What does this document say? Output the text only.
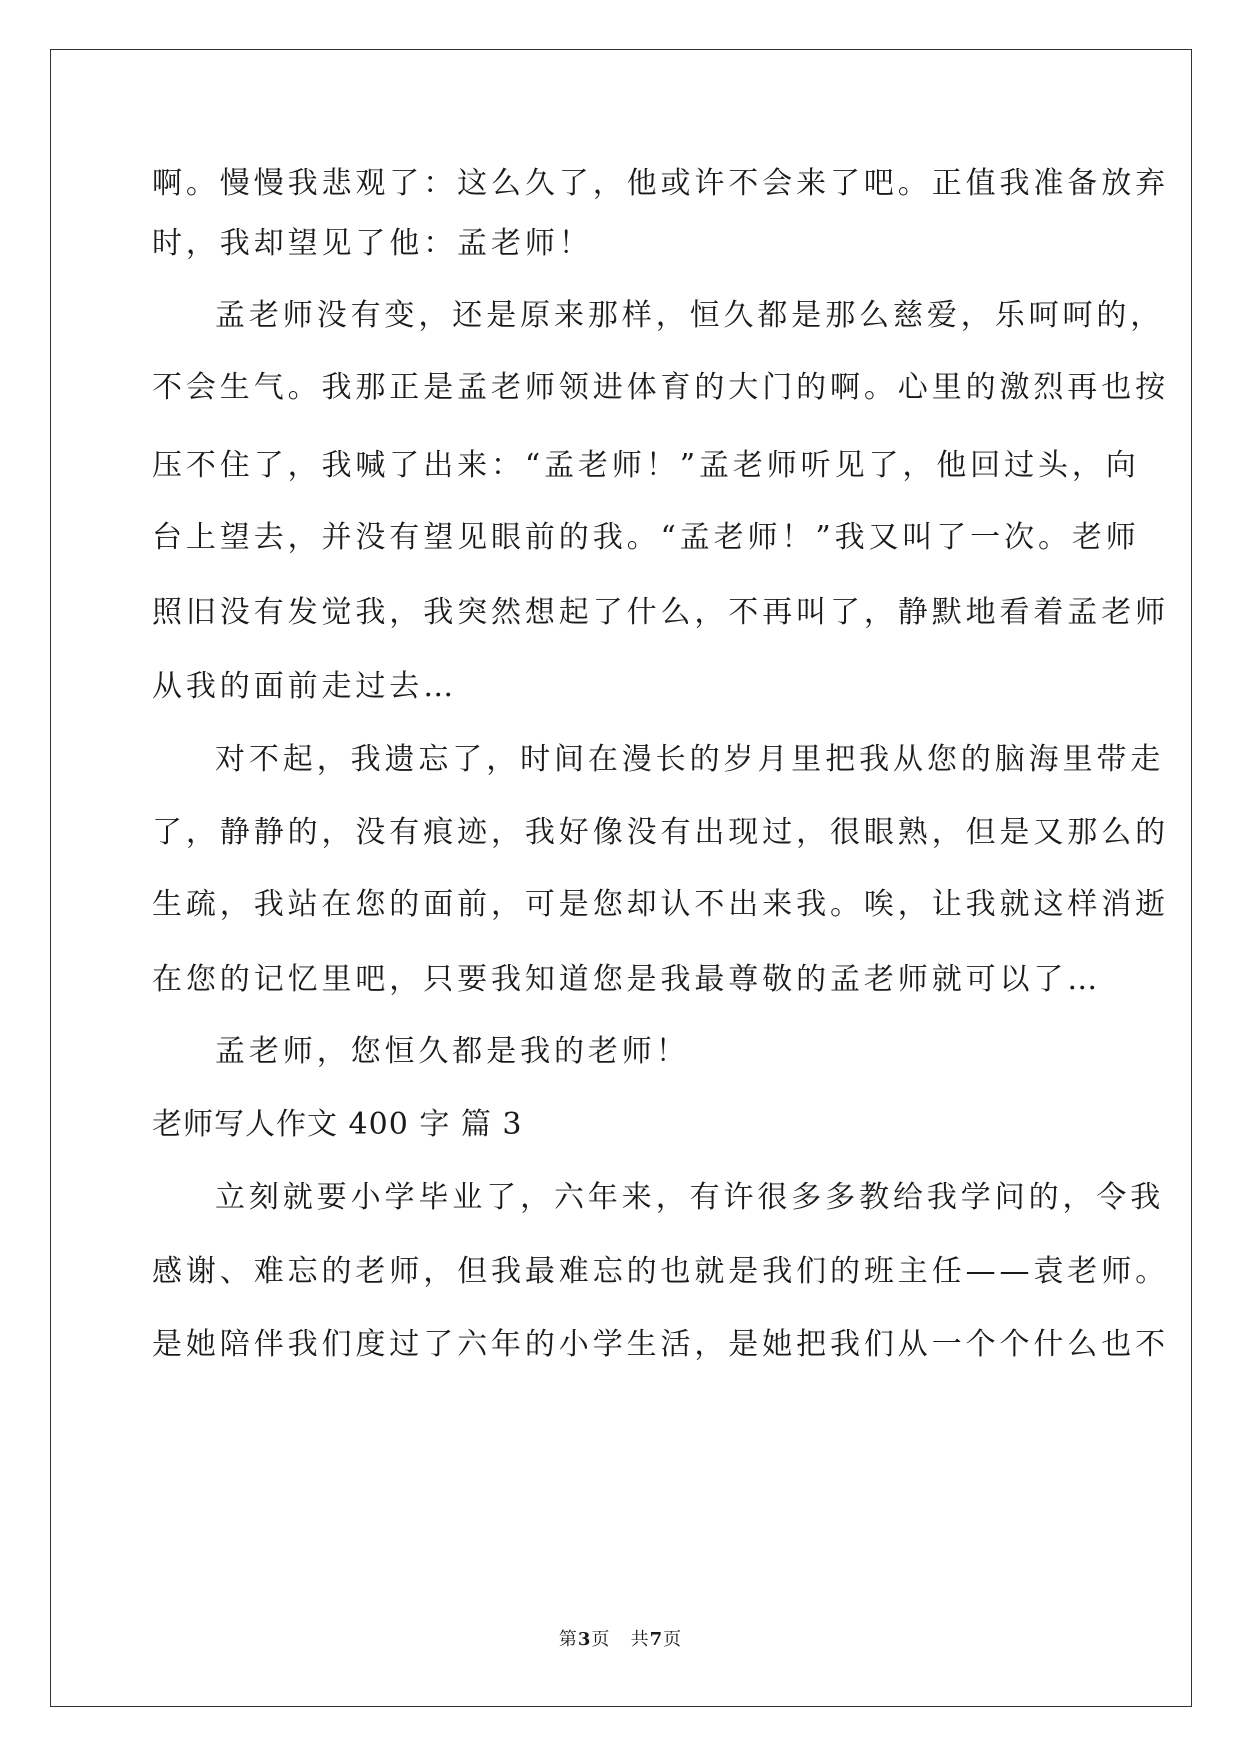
啊。慢慢我悲观了：这么久了，他或许不会来了吧。正值我准备放弃
时，我却望见了他：孟老师！
孟老师没有变，还是原来那样，恒久都是那么慈爱，乐呵呵的，
不会生气。我那正是孟老师领进体育的大门的啊。心里的激烈再也按
压不住了，我喊了出来：“孟老师！”孟老师听见了，他回过头，向
台上望去，并没有望见眼前的我。“孟老师！”我又叫了一次。老师
照旧没有发觉我，我突然想起了什么，不再叫了，静默地看着孟老师
从我的面前走过去…
对不起，我遗忘了，时间在漫长的岁月里把我从您的脑海里带走
了，静静的，没有痕迹，我好像没有出现过，很眼熟，但是又那么的
生疏，我站在您的面前，可是您却认不出来我。唉，让我就这样消逝
在您的记忆里吧，只要我知道您是我最尊敬的孟老师就可以了…
孟老师，您恒久都是我的老师！
老师写人作文 400 字 篇 3
立刻就要小学毕业了，六年来，有许很多多教给我学问的，令我
感谢、难忘的老师，但我最难忘的也就是我们的班主任——袁老师。
是她陪伴我们度过了六年的小学生活，是她把我们从一个个什么也不
第3页   共7页
